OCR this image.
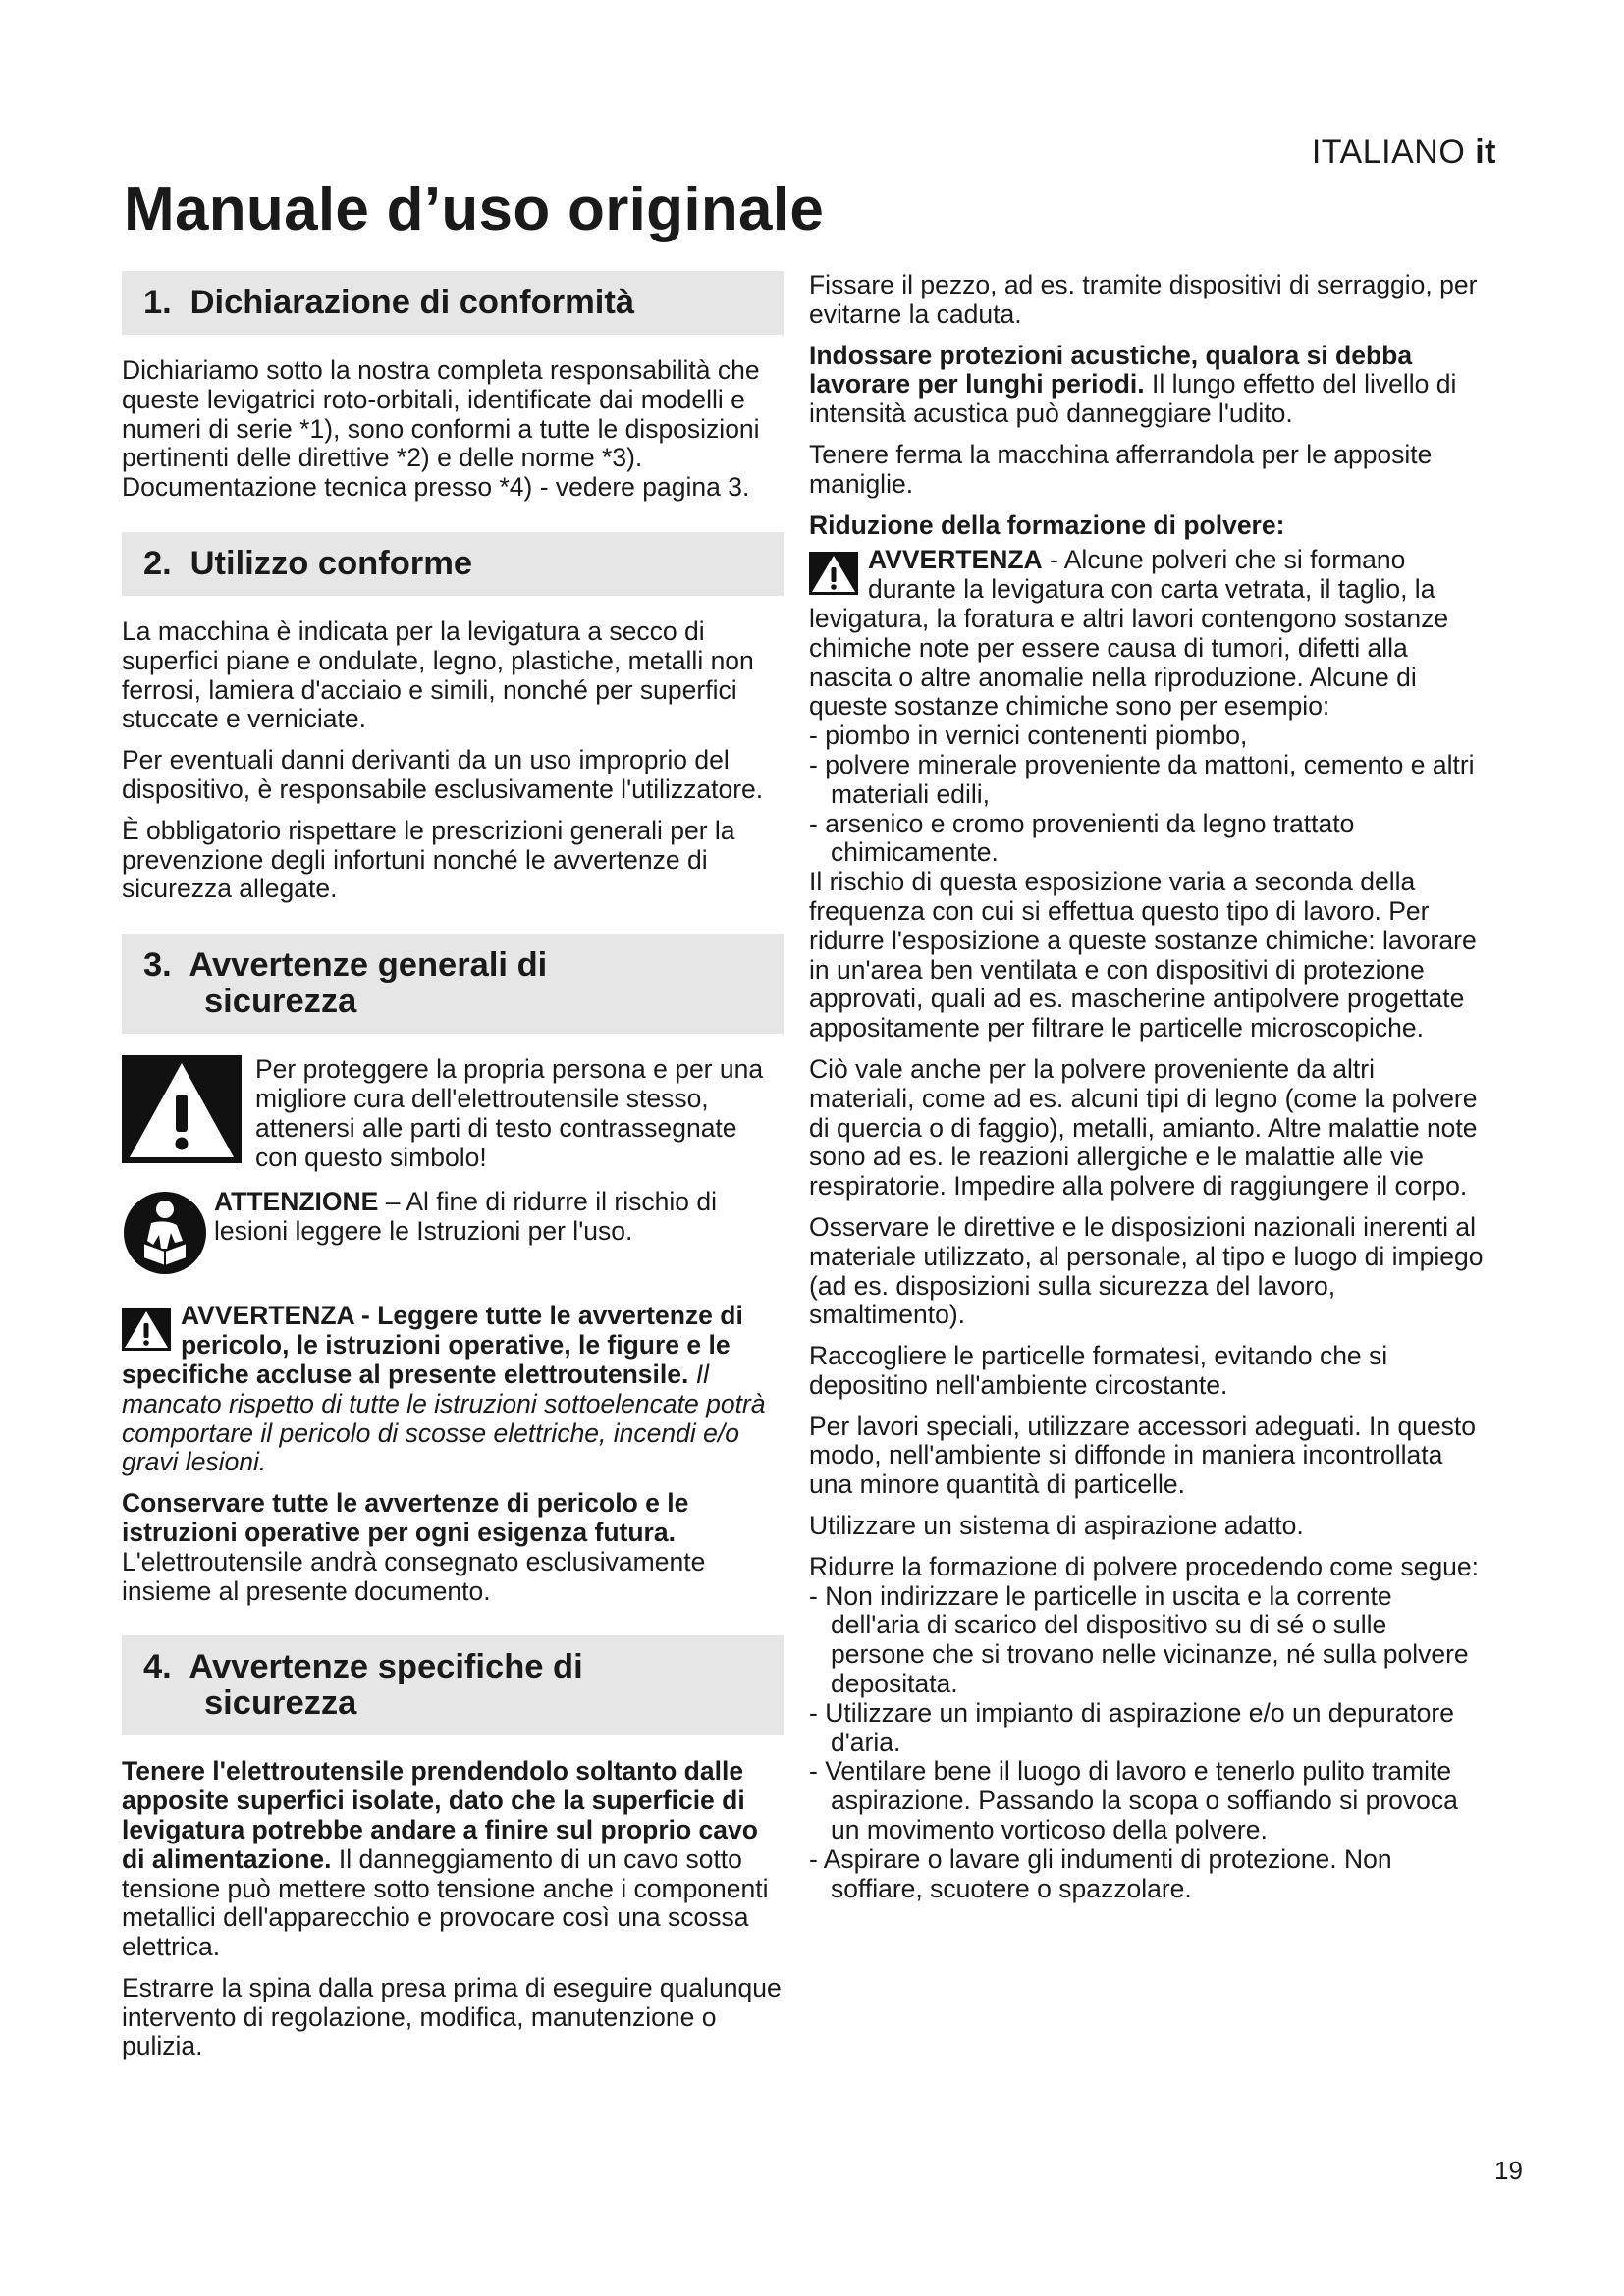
ITALIANO it
Manuale d’uso originale
1. Dichiarazione di conformità

Dichiariamo sotto la nostra completa responsabilità che queste levigatrici roto-orbitali, identificate dai modelli e numeri di serie *1), sono conformi a tutte le disposizioni pertinenti delle direttive *2) e delle norme *3). Documentazione tecnica presso *4) - vedere pagina 3.

2. Utilizzo conforme

La macchina è indicata per la levigatura a secco di superfici piane e ondulate, legno, plastiche, metalli non ferrosi, lamiera d'acciaio e simili, nonché per superfici stuccate e verniciate.

Per eventuali danni derivanti da un uso improprio del dispositivo, è responsabile esclusivamente l'utilizzatore.

È obbligatorio rispettare le prescrizioni generali per la prevenzione degli infortuni nonché le avvertenze di sicurezza allegate.

3. Avvertenze generali di
sicurezza
Per proteggere la propria persona e per una migliore cura dell'elettroutensile stesso, attenersi alle parti di testo contrassegnate con questo simbolo!
ATTENZIONE – Al fine di ridurre il rischio di lesioni leggere le Istruzioni per l'uso.

AVVERTENZA - Leggere tutte le avvertenze di pericolo, le istruzioni operative, le figure e le specifiche accluse al presente elettroutensile. Il mancato rispetto di tutte le istruzioni sottoelencate potrà comportare il pericolo di scosse elettriche, incendi e/o gravi lesioni.

Conservare tutte le avvertenze di pericolo e le istruzioni operative per ogni esigenza futura. L'elettroutensile andrà consegnato esclusivamente insieme al presente documento.

4. Avvertenze specifiche di
sicurezza

Tenere l'elettroutensile prendendolo soltanto dalle apposite superfici isolate, dato che la superficie di levigatura potrebbe andare a finire sul proprio cavo di alimentazione. Il danneggiamento di un cavo sotto tensione può mettere sotto tensione anche i componenti metallici dell'apparecchio e provocare così una scossa elettrica.

Estrarre la spina dalla presa prima di eseguire qualunque intervento di regolazione, modifica, manutenzione o pulizia.

Fissare il pezzo, ad es. tramite dispositivi di serraggio, per evitarne la caduta.

Indossare protezioni acustiche, qualora si debba lavorare per lunghi periodi. Il lungo effetto del livello di intensità acustica può danneggiare l'udito.

Tenere ferma la macchina afferrandola per le apposite maniglie.

Riduzione della formazione di polvere:
AVVERTENZA - Alcune polveri che si formano durante la levigatura con carta vetrata, il taglio, la levigatura, la foratura e altri lavori contengono sostanze chimiche note per essere causa di tumori, difetti alla nascita o altre anomalie nella riproduzione. Alcune di queste sostanze chimiche sono per esempio:
- piombo in vernici contenenti piombo,
- polvere minerale proveniente da mattoni, cemento e altri materiali edili,
- arsenico e cromo provenienti da legno trattato chimicamente.

Il rischio di questa esposizione varia a seconda della frequenza con cui si effettua questo tipo di lavoro. Per ridurre l'esposizione a queste sostanze chimiche: lavorare in un'area ben ventilata e con dispositivi di protezione approvati, quali ad es. mascherine antipolvere progettate appositamente per filtrare le particelle microscopiche.

Ciò vale anche per la polvere proveniente da altri materiali, come ad es. alcuni tipi di legno (come la polvere di quercia o di faggio), metalli, amianto. Altre malattie note sono ad es. le reazioni allergiche e le malattie alle vie respiratorie. Impedire alla polvere di raggiungere il corpo.

Osservare le direttive e le disposizioni nazionali inerenti al materiale utilizzato, al personale, al tipo e luogo di impiego (ad es. disposizioni sulla sicurezza del lavoro, smaltimento).

Raccogliere le particelle formatesi, evitando che si depositino nell'ambiente circostante.

Per lavori speciali, utilizzare accessori adeguati. In questo modo, nell'ambiente si diffonde in maniera incontrollata una minore quantità di particelle.

Utilizzare un sistema di aspirazione adatto.

Ridurre la formazione di polvere procedendo come segue:
- Non indirizzare le particelle in uscita e la corrente dell'aria di scarico del dispositivo su di sé o sulle persone che si trovano nelle vicinanze, né sulla polvere depositata.
- Utilizzare un impianto di aspirazione e/o un depuratore d'aria.
- Ventilare bene il luogo di lavoro e tenerlo pulito tramite aspirazione. Passando la scopa o soffiando si provoca un movimento vorticoso della polvere.
- Aspirare o lavare gli indumenti di protezione. Non soffiare, scuotere o spazzolare.
19
